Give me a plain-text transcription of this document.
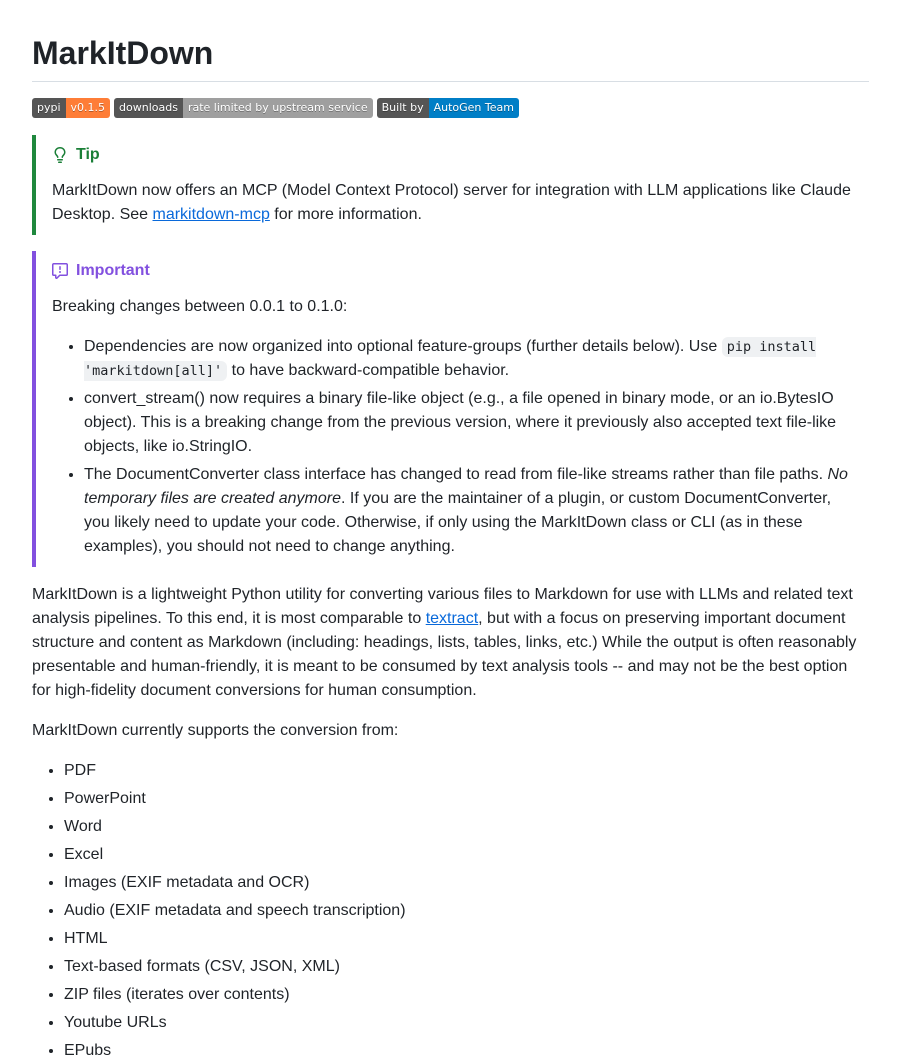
MarkItDown
pypi v0.1.5	downloads rate limited by upstream service	Built by AutoGen Team
Tip

MarkItDown now offers an MCP (Model Context Protocol) server for integration with LLM applications like Claude Desktop. See markitdown-mcp for more information.

Important

Breaking changes between 0.0.1 to 0.1.0:

• Dependencies are now organized into optional feature-groups (further details below). Use pip install 'markitdown[all]' to have backward-compatible behavior.
• convert_stream() now requires a binary file-like object (e.g., a file opened in binary mode, or an io.BytesIO object). This is a breaking change from the previous version, where it previously also accepted text file-like objects, like io.StringIO.
• The DocumentConverter class interface has changed to read from file-like streams rather than file paths. No temporary files are created anymore. If you are the maintainer of a plugin, or custom DocumentConverter, you likely need to update your code. Otherwise, if only using the MarkItDown class or CLI (as in these examples), you should not need to change anything.

MarkItDown is a lightweight Python utility for converting various files to Markdown for use with LLMs and related text analysis pipelines. To this end, it is most comparable to textract, but with a focus on preserving important document structure and content as Markdown (including: headings, lists, tables, links, etc.) While the output is often reasonably presentable and human-friendly, it is meant to be consumed by text analysis tools -- and may not be the best option for high-fidelity document conversions for human consumption.

MarkItDown currently supports the conversion from:

• PDF
• PowerPoint
• Word
• Excel
• Images (EXIF metadata and OCR)
• Audio (EXIF metadata and speech transcription)
• HTML
• Text-based formats (CSV, JSON, XML)
• ZIP files (iterates over contents)
• Youtube URLs
• EPubs
